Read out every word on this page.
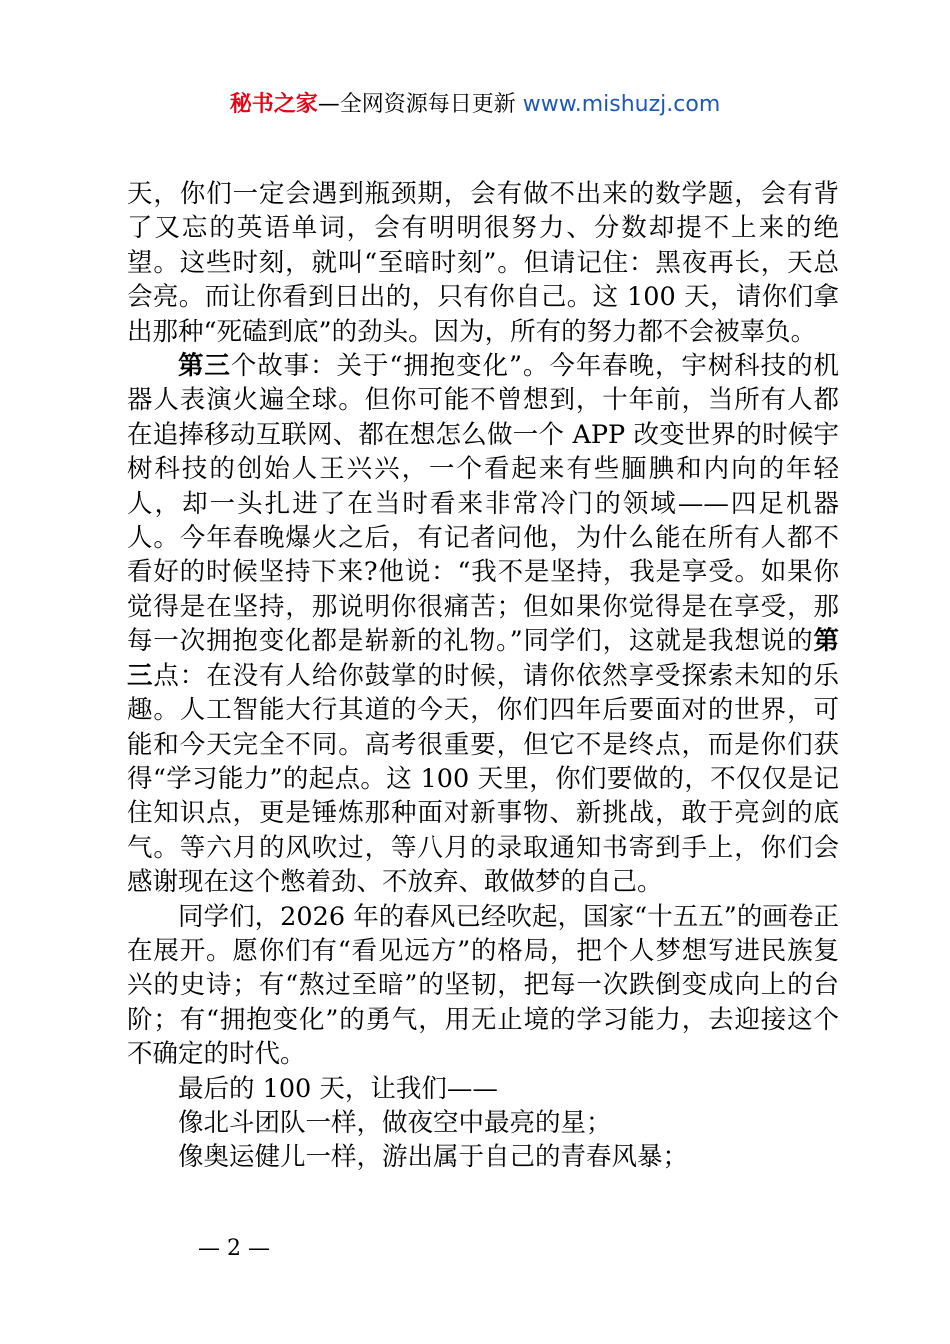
秘书之家—全网资源每日更新 www.mishuzj.com

天，你们一定会遇到瓶颈期，会有做不出来的数学题，会有背了又忘的英语单词，会有明明很努力、分数却提不上来的绝望。这些时刻，就叫“至暗时刻”。但请记住：黑夜再长，天总会亮。而让你看到日出的，只有你自己。这 100 天，请你们拿出那种“死磕到底”的劲头。因为，所有的努力都不会被辜负。

第三个故事：关于“拥抱变化”。今年春晚，宇树科技的机器人表演火遍全球。但你可能不曾想到，十年前，当所有人都在追捧移动互联网、都在想怎么做一个 APP 改变世界的时候宇树科技的创始人王兴兴，一个看起来有些腼腆和内向的年轻人，却一头扎进了在当时看来非常冷门的领域——四足机器人。今年春晚爆火之后，有记者问他，为什么能在所有人都不看好的时候坚持下来?他说：“我不是坚持，我是享受。如果你觉得是在坚持，那说明你很痛苦；但如果你觉得是在享受，那每一次拥抱变化都是崭新的礼物。”同学们，这就是我想说的第三点：在没有人给你鼓掌的时候，请你依然享受探索未知的乐趣。人工智能大行其道的今天，你们四年后要面对的世界，可能和今天完全不同。高考很重要，但它不是终点，而是你们获得“学习能力”的起点。这 100 天里，你们要做的，不仅仅是记住知识点，更是锤炼那种面对新事物、新挑战，敢于亮剑的底气。等六月的风吹过，等八月的录取通知书寄到手上，你们会感谢现在这个憋着劲、不放弃、敢做梦的自己。

同学们，2026 年的春风已经吹起，国家“十五五”的画卷正在展开。愿你们有“看见远方”的格局，把个人梦想写进民族复兴的史诗；有“熬过至暗”的坚韧，把每一次跌倒变成向上的台阶；有“拥抱变化”的勇气，用无止境的学习能力，去迎接这个不确定的时代。

最后的 100 天，让我们——

像北斗团队一样，做夜空中最亮的星；

像奥运健儿一样，游出属于自己的青春风暴；

— 2 —
